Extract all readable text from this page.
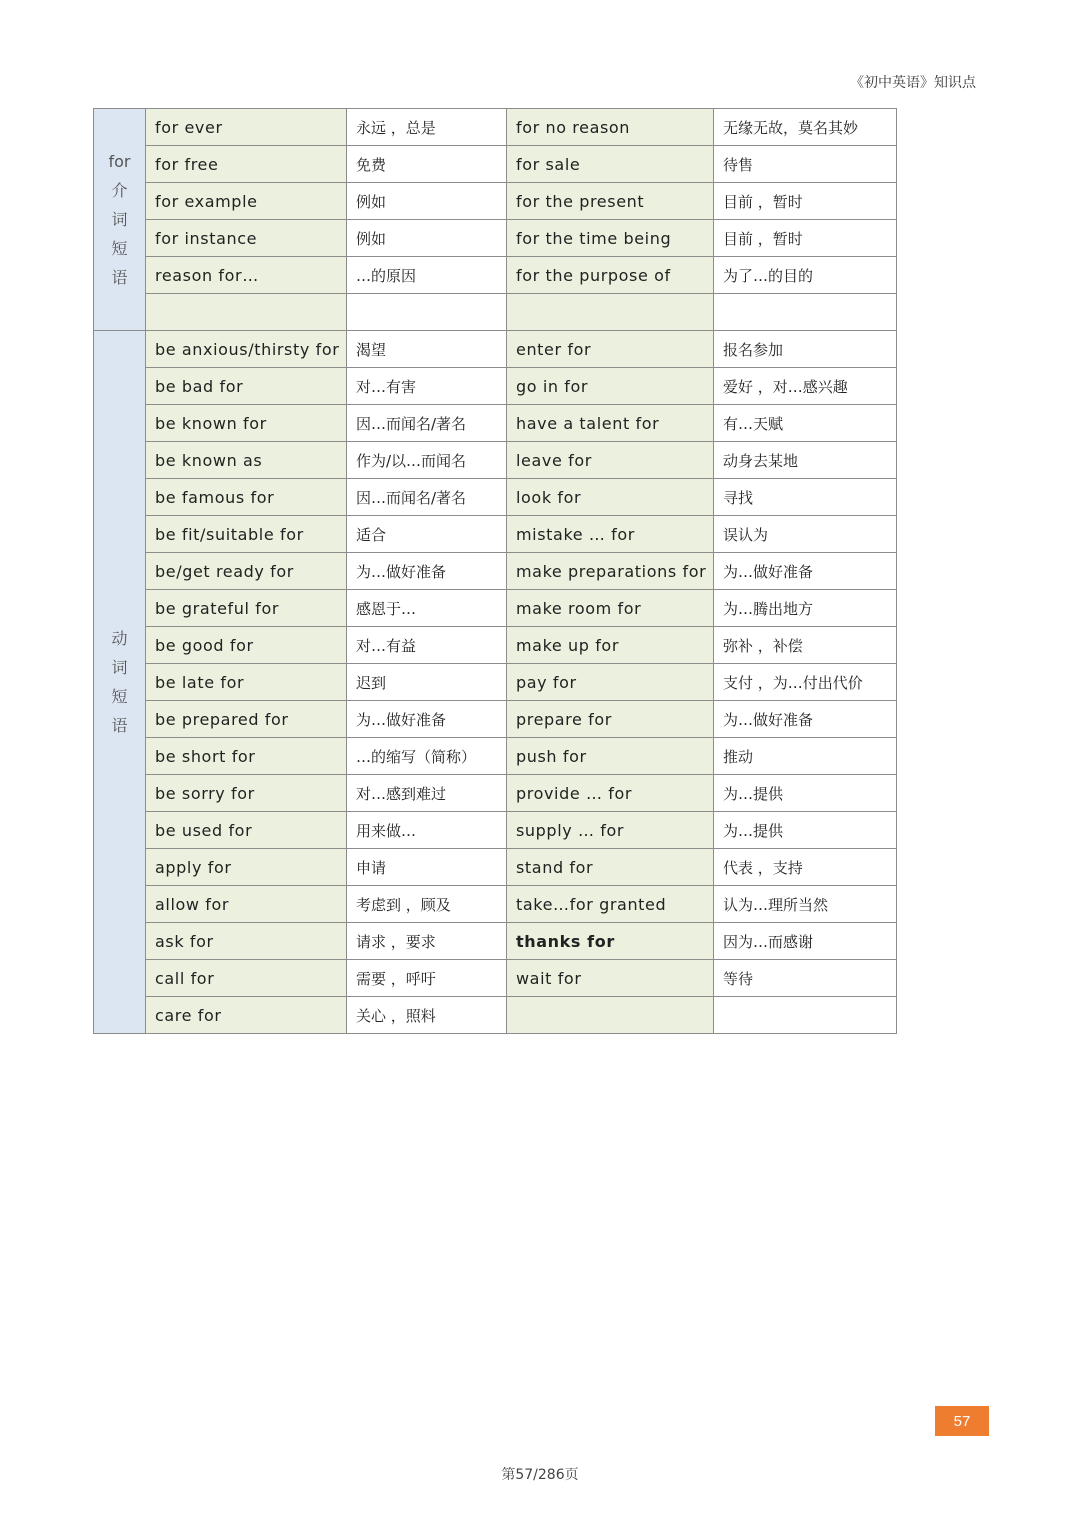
《初中英语》知识点
for
介
词
短
语	for ever	永远 ，总是	for no reason	无缘无故，莫名其妙
	for free	免费	for sale	待售
	for example	例如	for the present	目前 ，暂时
	for instance	例如	for the time being	目前 ，暂时
	reason for…	…的原因	for the purpose of	为了…的目的

动
词
短
语	be anxious/thirsty for	渴望	enter for	报名参加
	be bad for	对…有害	go in for	爱好 ，对…感兴趣
	be known for	因…而闻名/著名	have a talent for	有…天赋
	be known as	作为/以…而闻名	leave for	动身去某地
	be famous for	因…而闻名/著名	look for	寻找
	be fit/suitable for	适合	mistake … for	误认为
	be/get ready for	为…做好准备	make preparations for	为…做好准备
	be grateful for	感恩于…	make room for	为…腾出地方
	be good for	对…有益	make up for	弥补 ，补偿
	be late for	迟到	pay for	支付 ，为…付出代价
	be prepared for	为…做好准备	prepare for	为…做好准备
	be short for	…的缩写（简称）	push for	推动
	be sorry for	对…感到难过	provide … for	为…提供
	be used for	用来做…	supply … for	为…提供
	apply for	申请	stand for	代表 ，支持
	allow for	考虑到 ，顾及	take…for granted	认为…理所当然
	ask for	请求 ，要求	thanks for	因为…而感谢
	call for	需要 ，呼吁	wait for	等待
	care for	关心 ，照料		
57
第57/286页
